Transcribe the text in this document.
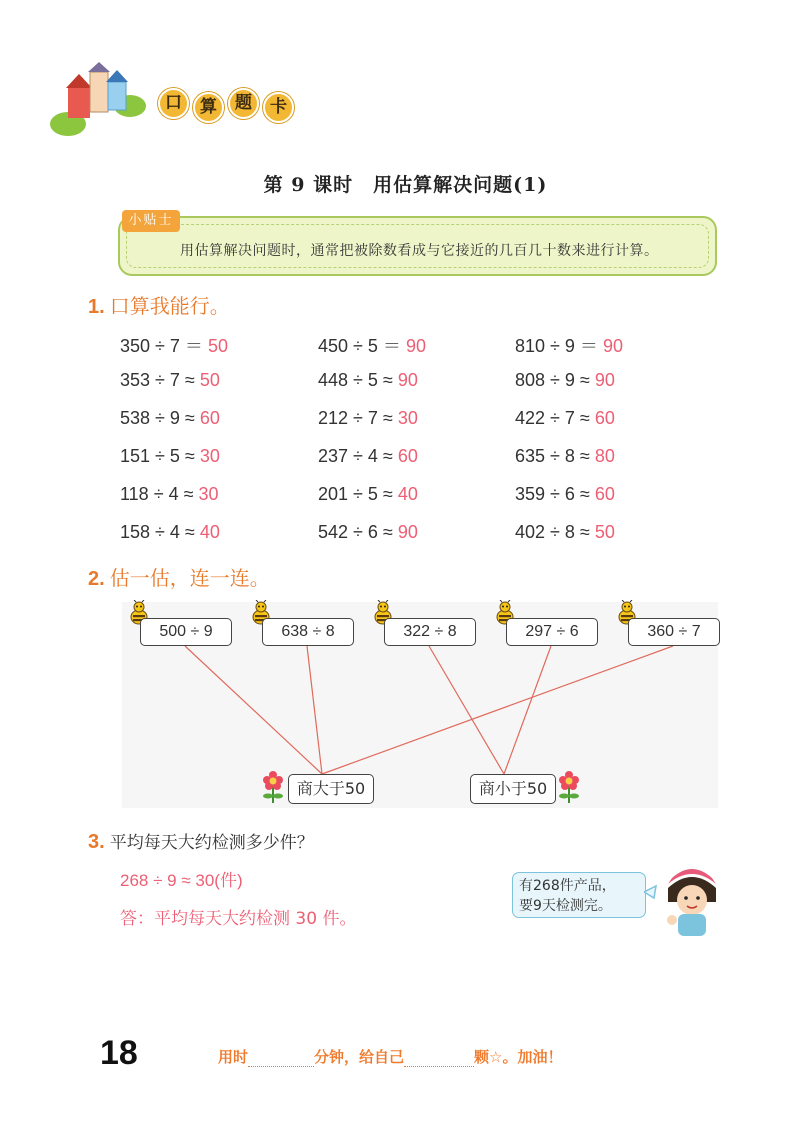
口	算	题	卡
第 9 课时　用估算解决问题(1)
小贴士
用估算解决问题时，通常把被除数看成与它接近的几百几十数来进行计算。
1. 口算我能行。
350 ÷ 7 ＝ 50	450 ÷ 5 ＝ 90	810 ÷ 9 ＝ 90
353 ÷ 7 ≈ 50	448 ÷ 5 ≈ 90	808 ÷ 9 ≈ 90
538 ÷ 9 ≈ 60	212 ÷ 7 ≈ 30	422 ÷ 7 ≈ 60
151 ÷ 5 ≈ 30	237 ÷ 4 ≈ 60	635 ÷ 8 ≈ 80
118 ÷ 4 ≈ 30	201 ÷ 5 ≈ 40	359 ÷ 6 ≈ 60
158 ÷ 4 ≈ 40	542 ÷ 6 ≈ 90	402 ÷ 8 ≈ 50
2. 估一估，连一连。
500 ÷ 9	638 ÷ 8	322 ÷ 8	297 ÷ 6	360 ÷ 7
商大于50	商小于50
3. 平均每天大约检测多少件？
268 ÷ 9 ≈ 30(件)
答：平均每天大约检测 30 件。
有268件产品，
要9天检测完。
18	用时	分钟，给自己	颗☆。加油！
